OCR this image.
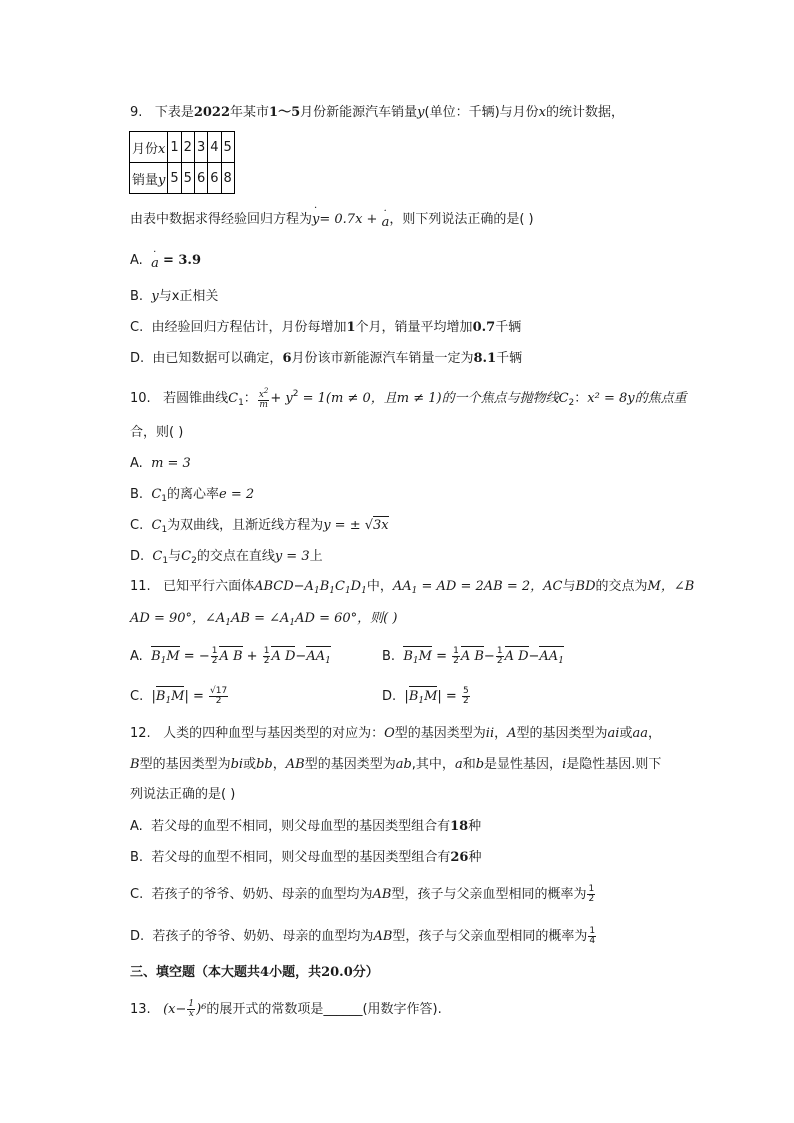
9. 下表是2022年某市1～5月份新能源汽车销量y(单位：千辆)与月份x的统计数据，
月份x	1	2	3	4	5
销量y	5	5	6	6	8
由表中数据求得经验回归方程为· y= 0.7x + · a，则下列说法正确的是( )
A. · a = 3.9
B. y与x正相关
C. 由经验回归方程估计，月份每增加1个月，销量平均增加0.7千辆
D. 由已知数据可以确定，6月份该市新能源汽车销量一定为8.1千辆
10. 若圆锥曲线$C_1$： $\frac{x^2}{m} + y^2 = 1(m \ne 0$，且m ≠ 1)的一个焦点与抛物线$C_2$：x² = 8y的焦点重
合，则( )
A. m = 3
B. $C_1$的离心率e = 2
C. $C_1$为双曲线，且渐近线方程为y = ± √3x
D. $C_1$与$C_2$的交点在直线y = 3上
11. 已知平行六面体$ABCD-A_1B_1C_1D_1$中，$AA_1$ = AD = 2AB = 2，AC与BD的交点为M，∠B
AD = 90°，$\angle A_1AB$ = $\angle A_1AD = 60^\circ$，则( )
A. $B_1M$ = − $\frac{1}{2}$ A $B + \frac{1}{2}$ A $D-AA_1$	B. $B_1M = \frac{1}{2}$ A $B- \frac{1}{2}$ A $D-AA_1$
C.  $|B_1M| = \frac{√17}{2}$	D.  $|B_1M| = \frac{5}{2}$
12. 人类的四种血型与基因类型的对应为：O型的基因类型为ii，A型的基因类型为ai或aa，
B型的基因类型为bi或bb，AB型的基因类型为ab,其中，a和b是显性基因，i是隐性基因.则下
列说法正确的是( )
A. 若父母的血型不相同，则父母血型的基因类型组合有18种
B. 若父母的血型不相同，则父母血型的基因类型组合有26种
C. 若孩子的爷爷、奶奶、母亲的血型均为AB型，孩子与父亲血型相同的概率为 $\frac{1}{2}$
D. 若孩子的爷爷、奶奶、母亲的血型均为AB型，孩子与父亲血型相同的概率为 $\frac{1}{4}$
三、填空题（本大题共4小题，共20.0分）
13. $(x- \frac{1}{x} )^6$的展开式的常数项是______(用数字作答).
